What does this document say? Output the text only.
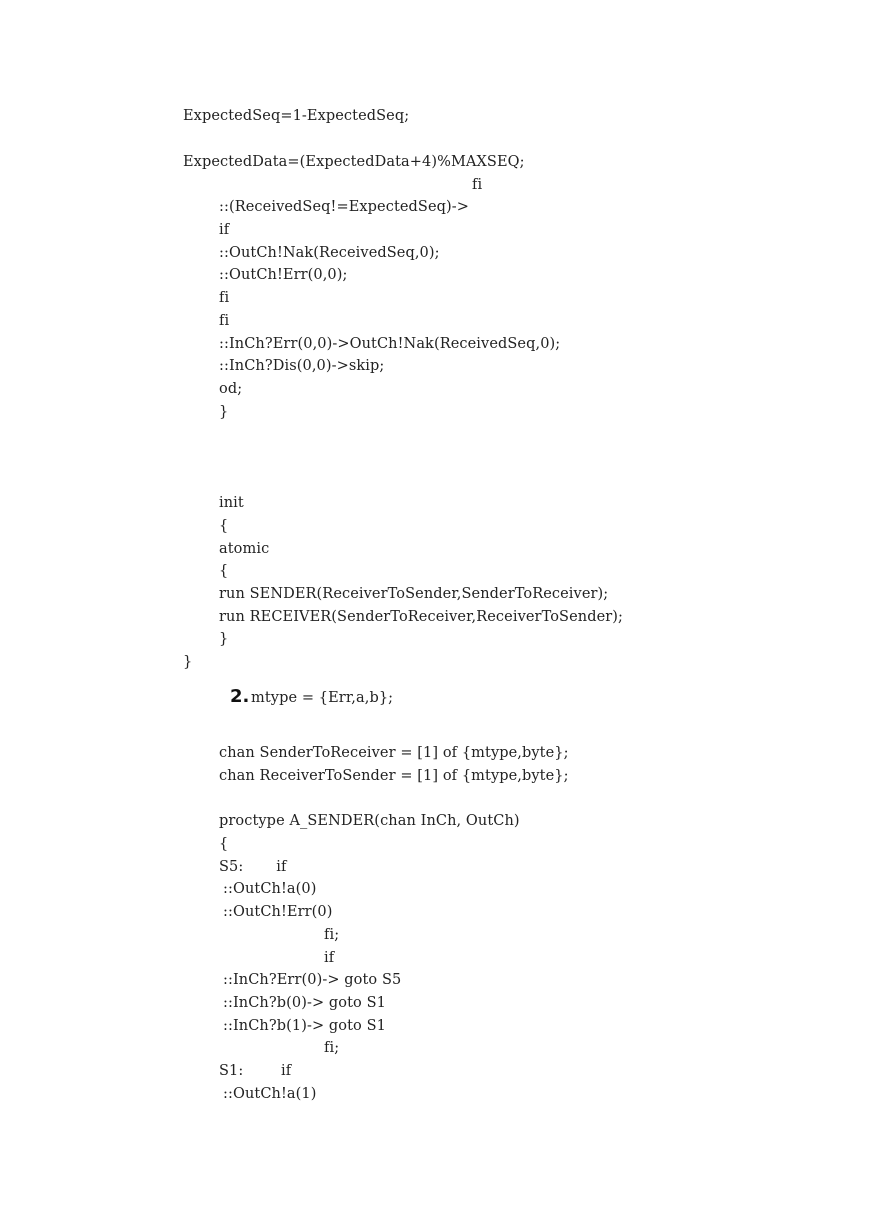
ExpectedSeq=1-ExpectedSeq;
ExpectedData=(ExpectedData+4)%MAXSEQ;
fi
::(ReceivedSeq!=ExpectedSeq)->
if
::OutCh!Nak(ReceivedSeq,0);
::OutCh!Err(0,0);
fi
fi
::InCh?Err(0,0)->OutCh!Nak(ReceivedSeq,0);
::InCh?Dis(0,0)->skip;
od;
}
init
{
atomic
{
run SENDER(ReceiverToSender,SenderToReceiver);
run RECEIVER(SenderToReceiver,ReceiverToSender);
}
}
2. mtype = {Err,a,b};
chan SenderToReceiver = [1] of {mtype,byte};
chan ReceiverToSender = [1] of {mtype,byte};
proctype A_SENDER(chan InCh, OutCh)
{
S5:       if
::OutCh!a(0)
::OutCh!Err(0)
fi;
if
::InCh?Err(0)-> goto S5
::InCh?b(0)-> goto S1
::InCh?b(1)-> goto S1
fi;
S1:        if
::OutCh!a(1)
